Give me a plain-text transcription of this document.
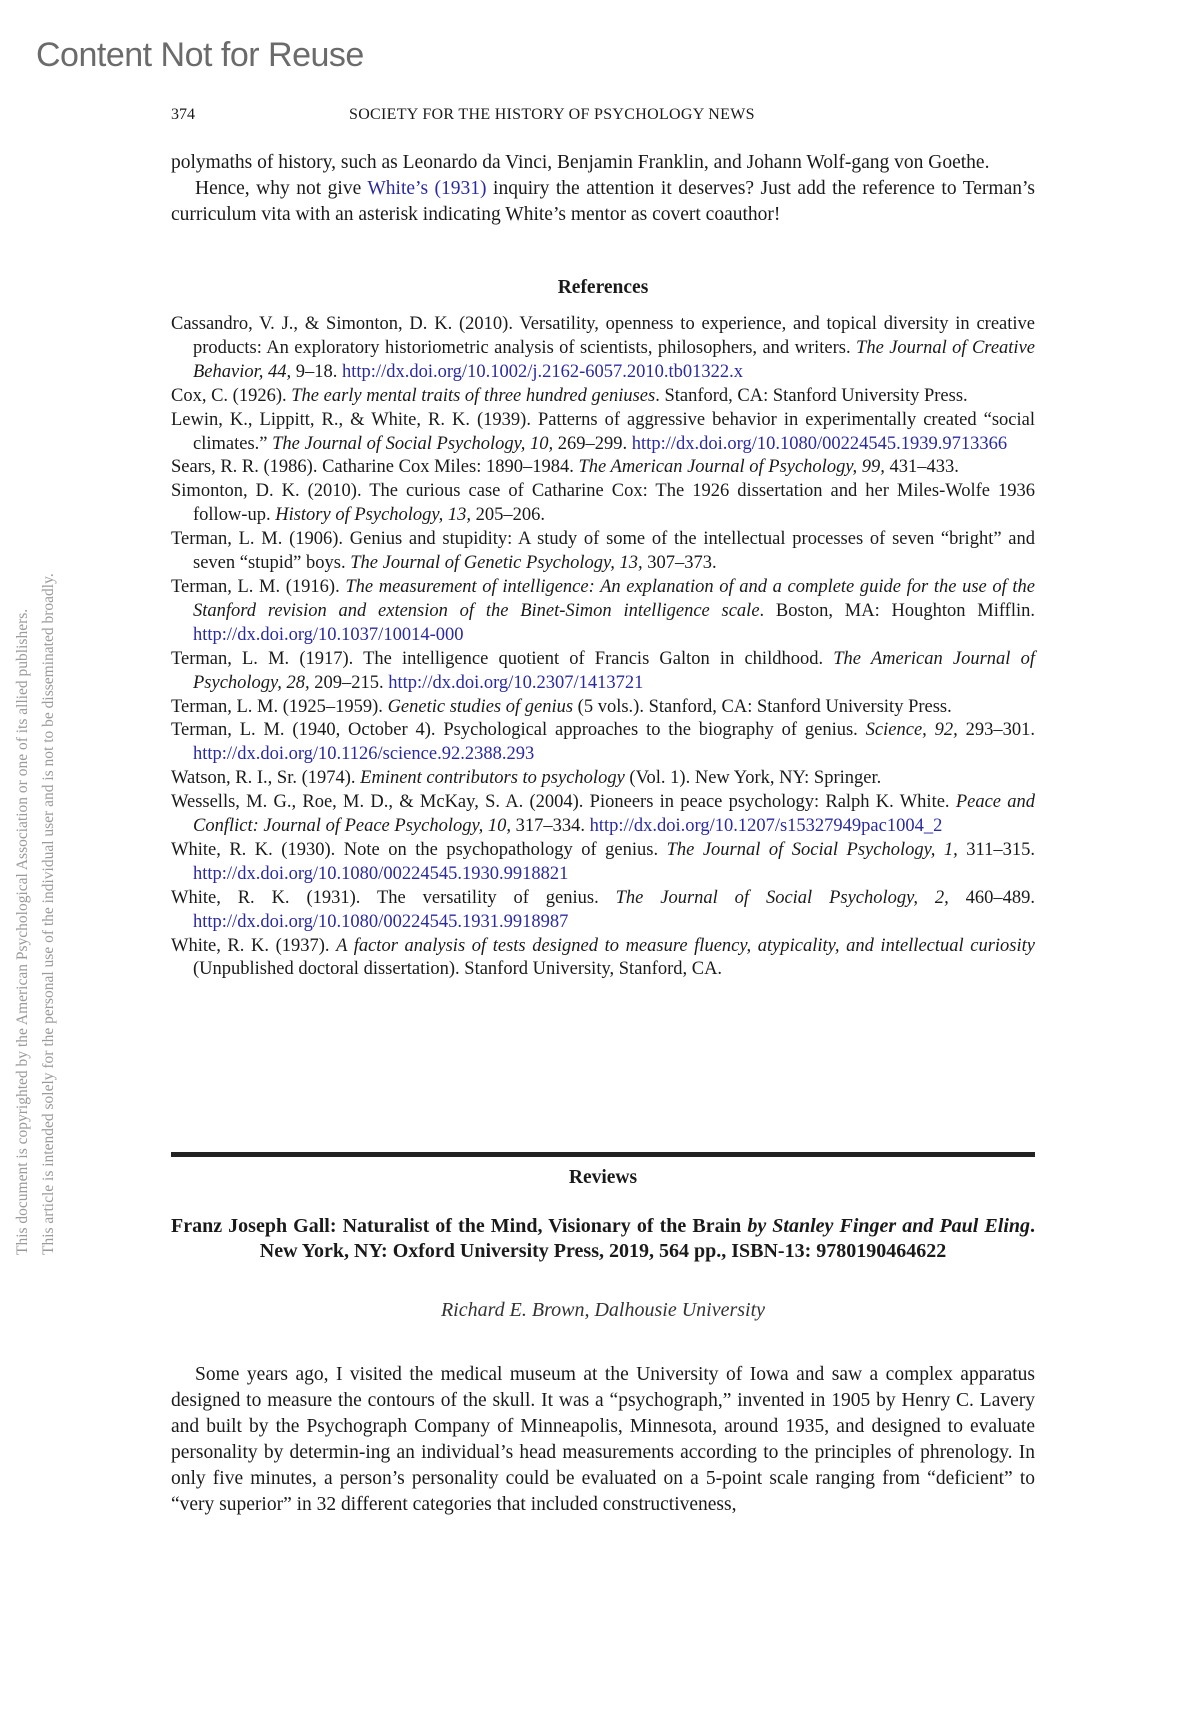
Content Not for Reuse
This document is copyrighted by the American Psychological Association or one of its allied publishers. This article is intended solely for the personal use of the individual user and is not to be disseminated broadly.
374	SOCIETY FOR THE HISTORY OF PSYCHOLOGY NEWS

polymaths of history, such as Leonardo da Vinci, Benjamin Franklin, and Johann Wolf-gang von Goethe.

Hence, why not give White’s (1931) inquiry the attention it deserves? Just add the reference to Terman’s curriculum vita with an asterisk indicating White’s mentor as covert coauthor!

References
Cassandro, V. J., & Simonton, D. K. (2010). Versatility, openness to experience, and topical diversity in creative products: An exploratory historiometric analysis of scientists, philosophers, and writers. The Journal of Creative Behavior, 44, 9–18. http://dx.doi.org/10.1002/j.2162-6057.2010.tb01322.x
Cox, C. (1926). The early mental traits of three hundred geniuses. Stanford, CA: Stanford University Press.
Lewin, K., Lippitt, R., & White, R. K. (1939). Patterns of aggressive behavior in experimentally created “social climates.” The Journal of Social Psychology, 10, 269–299. http://dx.doi.org/10.1080/00224545.1939.9713366
Sears, R. R. (1986). Catharine Cox Miles: 1890–1984. The American Journal of Psychology, 99, 431–433.
Simonton, D. K. (2010). The curious case of Catharine Cox: The 1926 dissertation and her Miles-Wolfe 1936 follow-up. History of Psychology, 13, 205–206.
Terman, L. M. (1906). Genius and stupidity: A study of some of the intellectual processes of seven “bright” and seven “stupid” boys. The Journal of Genetic Psychology, 13, 307–373.
Terman, L. M. (1916). The measurement of intelligence: An explanation of and a complete guide for the use of the Stanford revision and extension of the Binet-Simon intelligence scale. Boston, MA: Houghton Mifflin. http://dx.doi.org/10.1037/10014-000
Terman, L. M. (1917). The intelligence quotient of Francis Galton in childhood. The American Journal of Psychology, 28, 209–215. http://dx.doi.org/10.2307/1413721
Terman, L. M. (1925–1959). Genetic studies of genius (5 vols.). Stanford, CA: Stanford University Press.
Terman, L. M. (1940, October 4). Psychological approaches to the biography of genius. Science, 92, 293–301. http://dx.doi.org/10.1126/science.92.2388.293
Watson, R. I., Sr. (1974). Eminent contributors to psychology (Vol. 1). New York, NY: Springer.
Wessells, M. G., Roe, M. D., & McKay, S. A. (2004). Pioneers in peace psychology: Ralph K. White. Peace and Conflict: Journal of Peace Psychology, 10, 317–334. http://dx.doi.org/10.1207/s15327949pac1004_2
White, R. K. (1930). Note on the psychopathology of genius. The Journal of Social Psychology, 1, 311–315. http://dx.doi.org/10.1080/00224545.1930.9918821
White, R. K. (1931). The versatility of genius. The Journal of Social Psychology, 2, 460–489. http://dx.doi.org/10.1080/00224545.1931.9918987
White, R. K. (1937). A factor analysis of tests designed to measure fluency, atypicality, and intellectual curiosity (Unpublished doctoral dissertation). Stanford University, Stanford, CA.
Reviews
Franz Joseph Gall: Naturalist of the Mind, Visionary of the Brain by Stanley Finger and Paul Eling. New York, NY: Oxford University Press, 2019, 564 pp., ISBN-13: 9780190464622
Richard E. Brown, Dalhousie University

Some years ago, I visited the medical museum at the University of Iowa and saw a complex apparatus designed to measure the contours of the skull. It was a “psychograph,” invented in 1905 by Henry C. Lavery and built by the Psychograph Company of Minneapolis, Minnesota, around 1935, and designed to evaluate personality by determin-ing an individual’s head measurements according to the principles of phrenology. In only five minutes, a person’s personality could be evaluated on a 5-point scale ranging from “deficient” to “very superior” in 32 different categories that included constructiveness,
